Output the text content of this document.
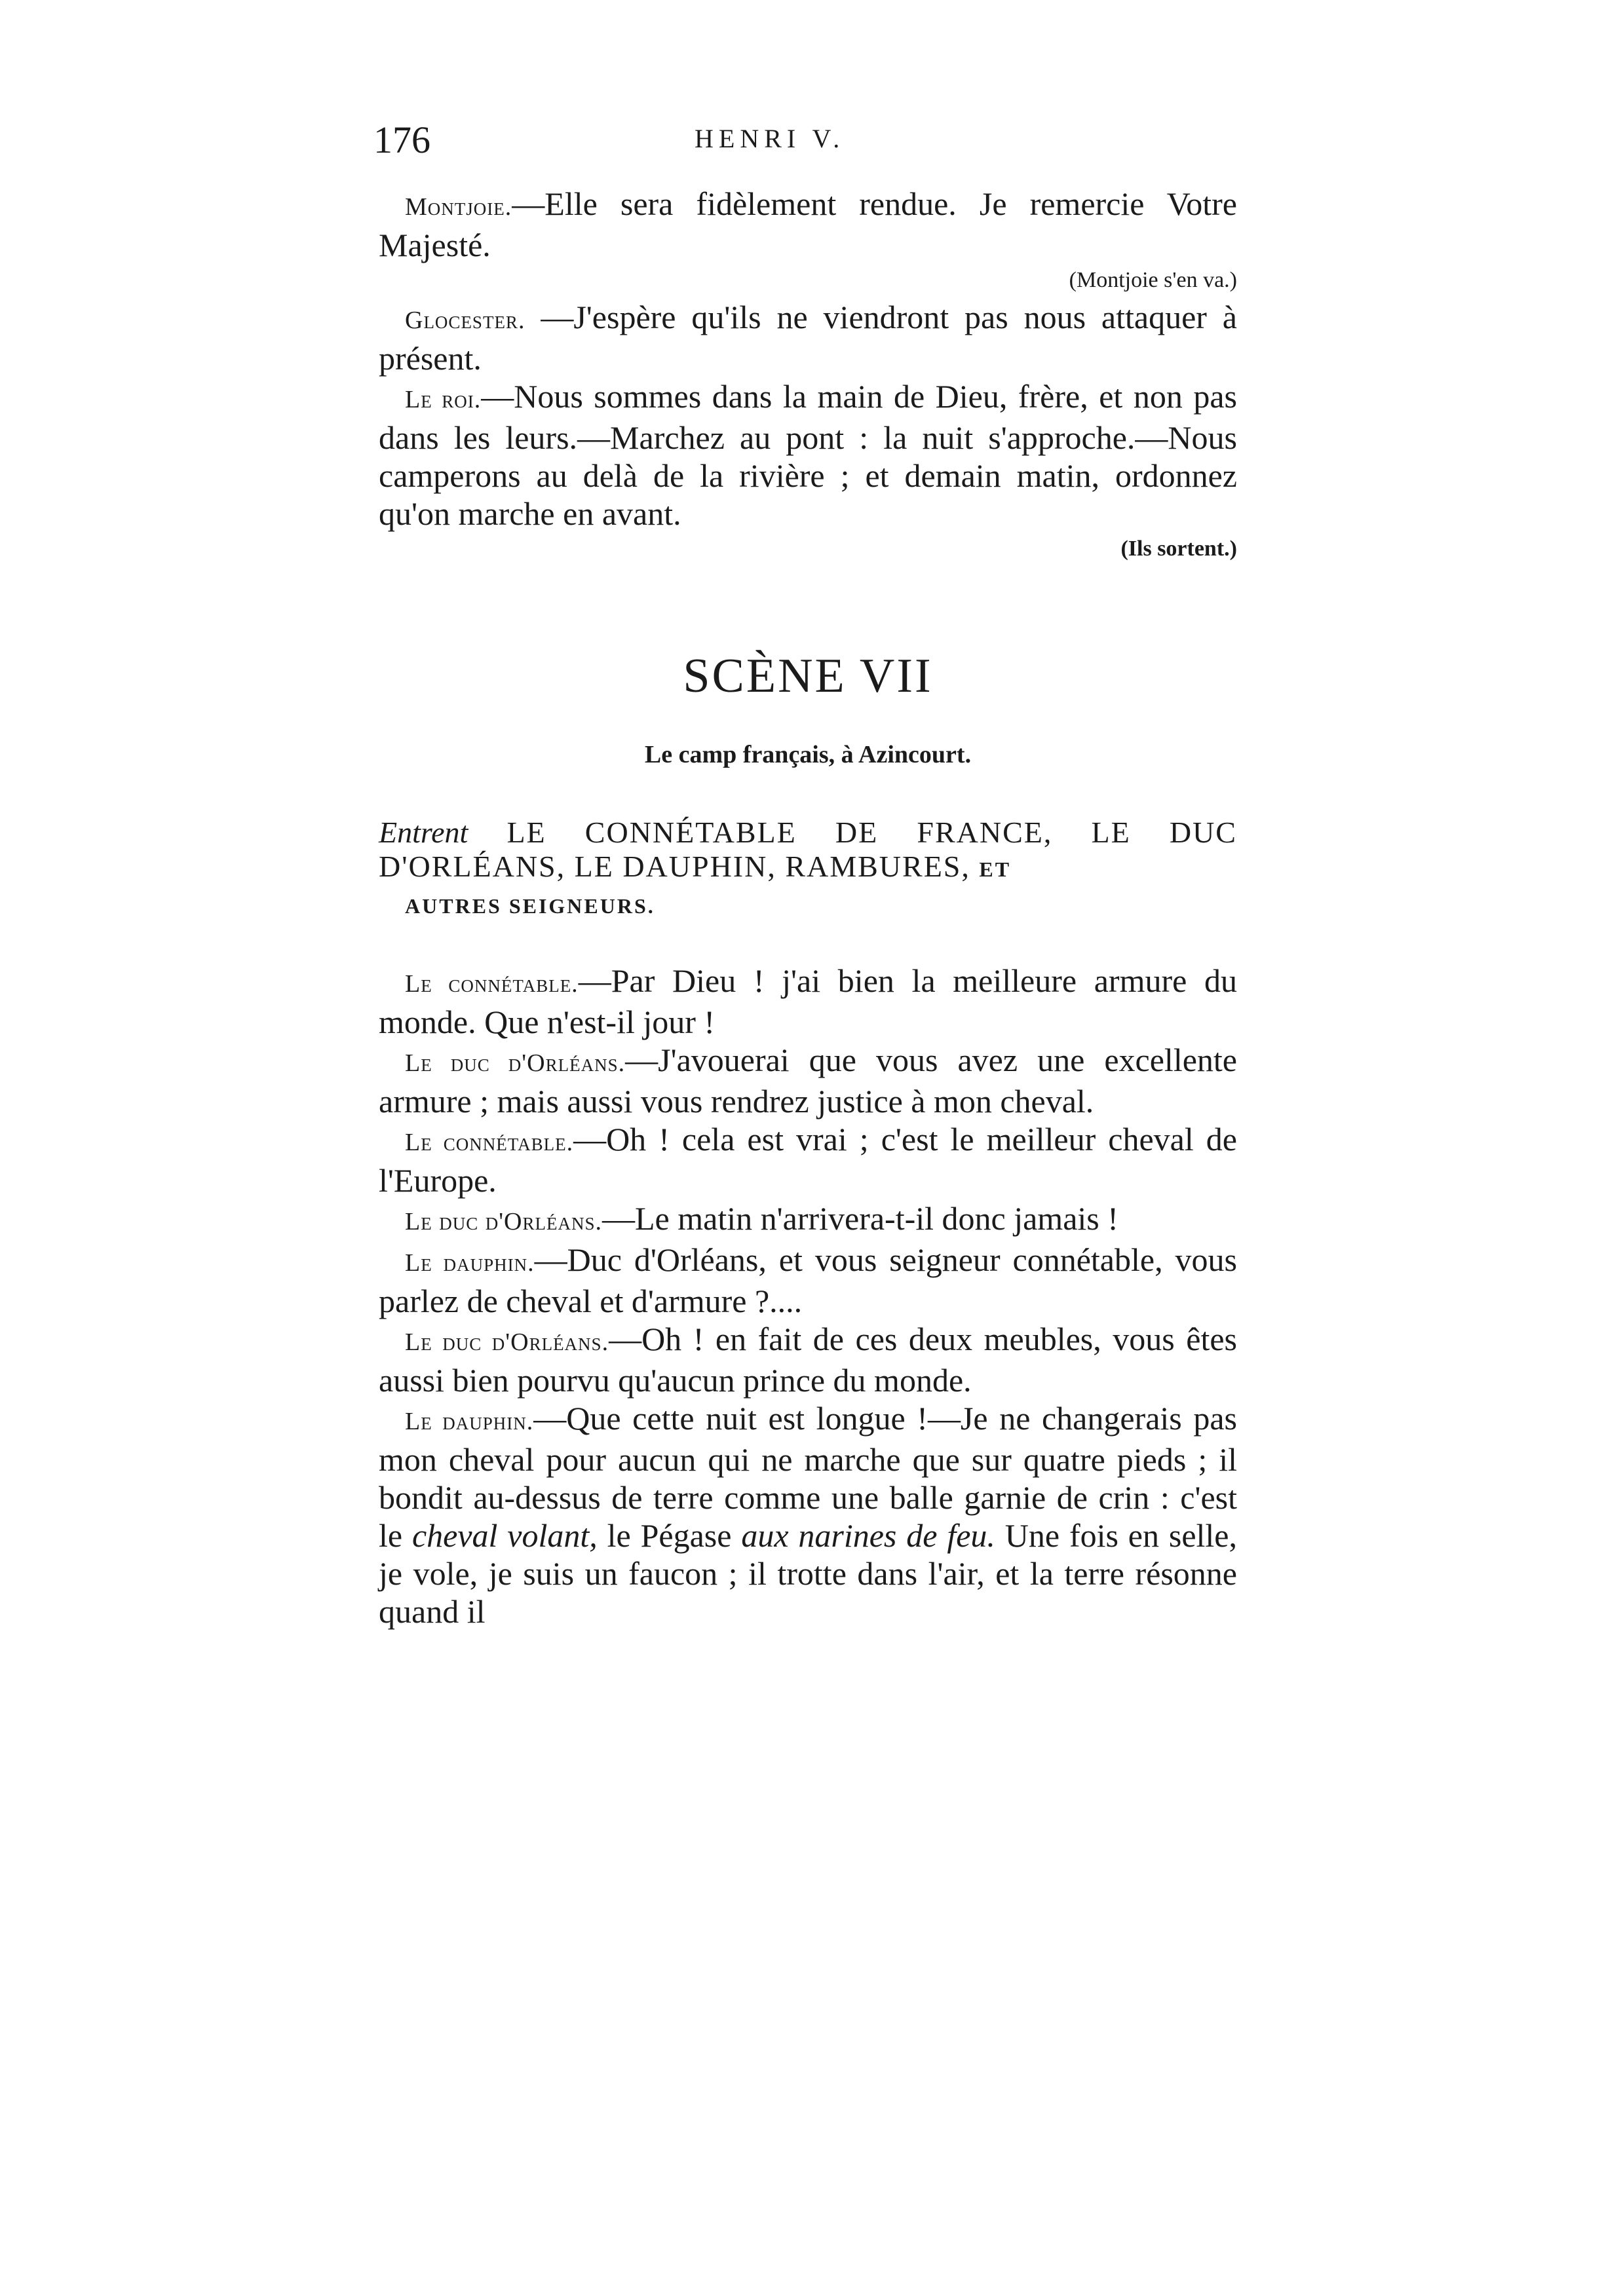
176	HENRI V.

Montjoie.—Elle sera fidèlement rendue. Je remercie Votre Majesté.

(Montjoie s'en va.)

Glocester. —J'espère qu'ils ne viendront pas nous attaquer à présent.

Le roi.—Nous sommes dans la main de Dieu, frère, et non pas dans les leurs.—Marchez au pont : la nuit s'approche.—Nous camperons au delà de la rivière ; et demain matin, ordonnez qu'on marche en avant.

(Ils sortent.)

SCÈNE VII
Le camp français, à Azincourt.
Entrent LE CONNÉTABLE DE FRANCE, LE DUC D'ORLÉANS, LE DAUPHIN, RAMBURES, ET
AUTRES SEIGNEURS.

Le connétable.—Par Dieu ! j'ai bien la meilleure armure du monde. Que n'est-il jour !

Le duc d'Orléans.—J'avouerai que vous avez une excellente armure ; mais aussi vous rendrez justice à mon cheval.

Le connétable.—Oh ! cela est vrai ; c'est le meilleur cheval de l'Europe.

Le duc d'Orléans.—Le matin n'arrivera-t-il donc jamais !

Le dauphin.—Duc d'Orléans, et vous seigneur connétable, vous parlez de cheval et d'armure ?....

Le duc d'Orléans.—Oh ! en fait de ces deux meubles, vous êtes aussi bien pourvu qu'aucun prince du monde.

Le dauphin.—Que cette nuit est longue !—Je ne changerais pas mon cheval pour aucun qui ne marche que sur quatre pieds ; il bondit au-dessus de terre comme une balle garnie de crin : c'est le cheval volant, le Pégase aux narines de feu. Une fois en selle, je vole, je suis un faucon ; il trotte dans l'air, et la terre résonne quand il
